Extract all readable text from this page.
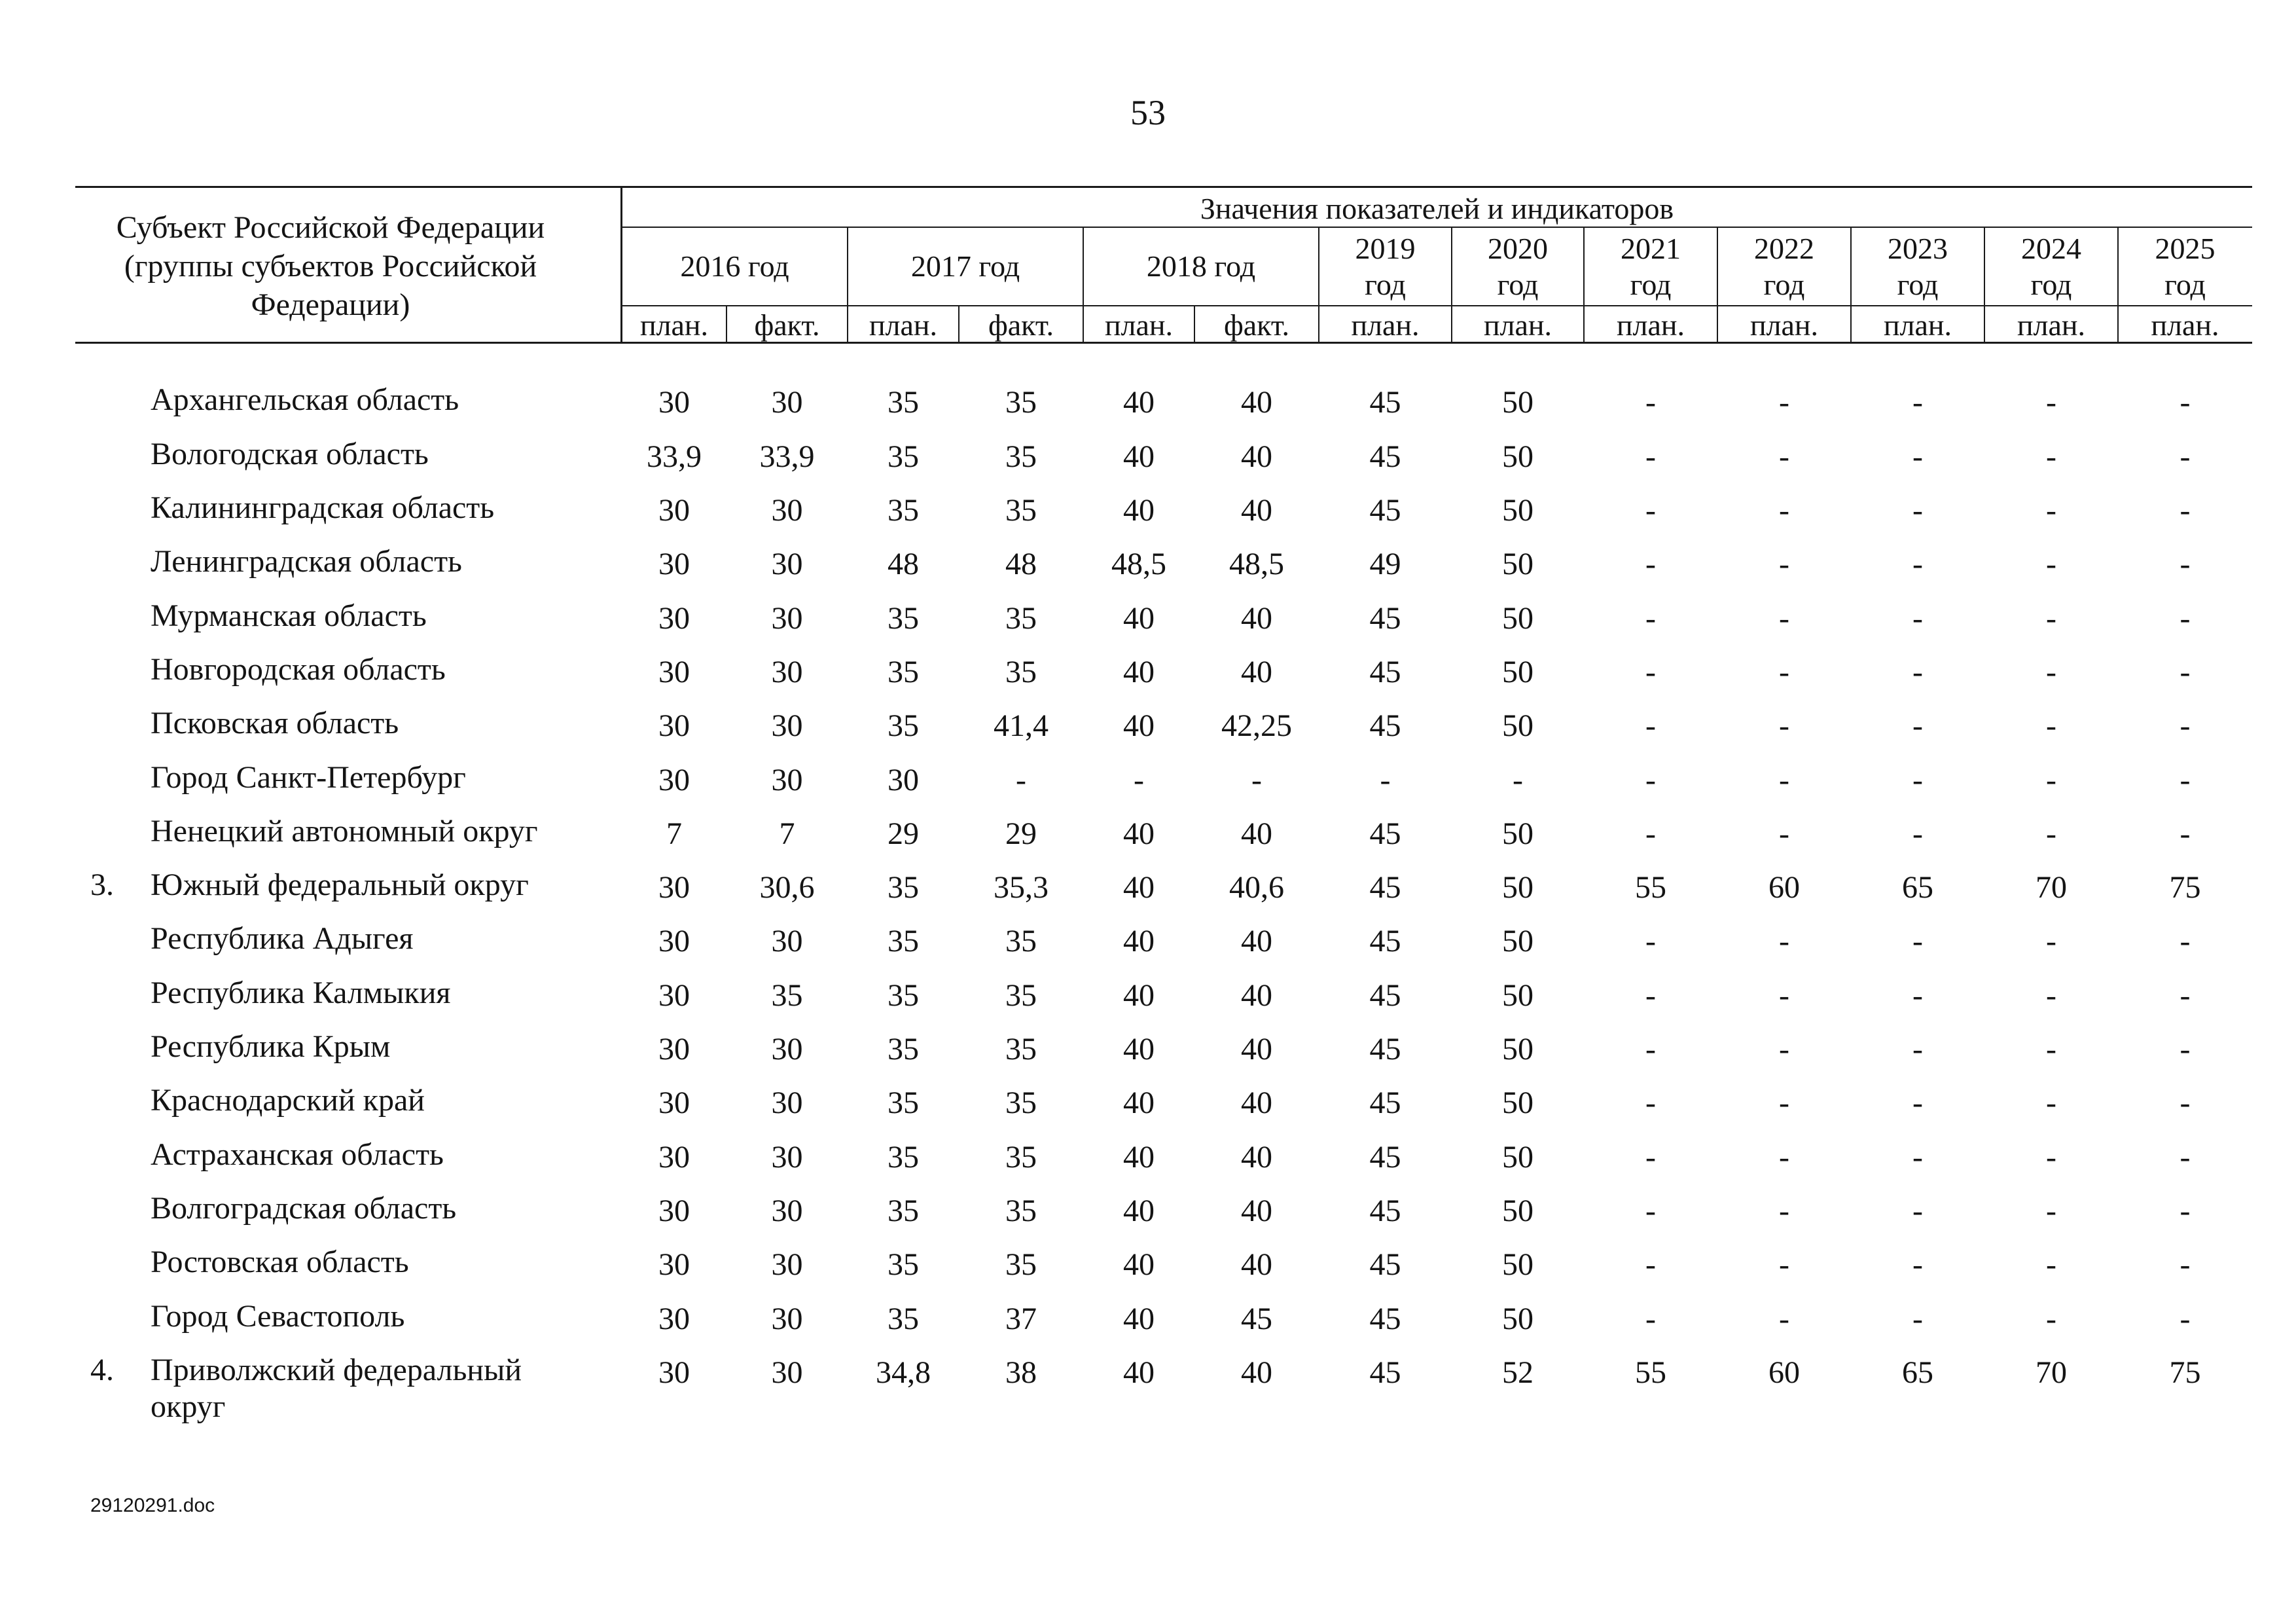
53
Субъект Российской Федерации (группы субъектов Российской Федерации)
Значения показателей и индикаторов
2016 год	2017 год	2018 год
2019
год
2020
год
2021
год
2022
год
2023
год
2024
год
2025
год
план.	факт.	план.	факт.	план.	факт.	план.	план.	план.	план.	план.	план.	план.
Архангельская область	30	30	35	35	40	40	45	50	-	-	-	-	-
Вологодская область	33,9	33,9	35	35	40	40	45	50	-	-	-	-	-
Калининградская область	30	30	35	35	40	40	45	50	-	-	-	-	-
Ленинградская область	30	30	48	48	48,5	48,5	49	50	-	-	-	-	-
Мурманская область	30	30	35	35	40	40	45	50	-	-	-	-	-
Новгородская область	30	30	35	35	40	40	45	50	-	-	-	-	-
Псковская область	30	30	35	41,4	40	42,25	45	50	-	-	-	-	-
Город Санкт-Петербург	30	30	30	-	-	-	-	-	-	-	-	-	-
Ненецкий автономный округ	7	7	29	29	40	40	45	50	-	-	-	-	-
3. Южный федеральный округ	30	30,6	35	35,3	40	40,6	45	50	55	60	65	70	75
Республика Адыгея	30	30	35	35	40	40	45	50	-	-	-	-	-
Республика Калмыкия	30	35	35	35	40	40	45	50	-	-	-	-	-
Республика Крым	30	30	35	35	40	40	45	50	-	-	-	-	-
Краснодарский край	30	30	35	35	40	40	45	50	-	-	-	-	-
Астраханская область	30	30	35	35	40	40	45	50	-	-	-	-	-
Волгоградская область	30	30	35	35	40	40	45	50	-	-	-	-	-
Ростовская область	30	30	35	35	40	40	45	50	-	-	-	-	-
Город Севастополь	30	30	35	37	40	45	45	50	-	-	-	-	-
4. Приволжский федеральный
округ
30	30	34,8	38	40	40	45	52	55	60	65	70	75
29120291.doc
